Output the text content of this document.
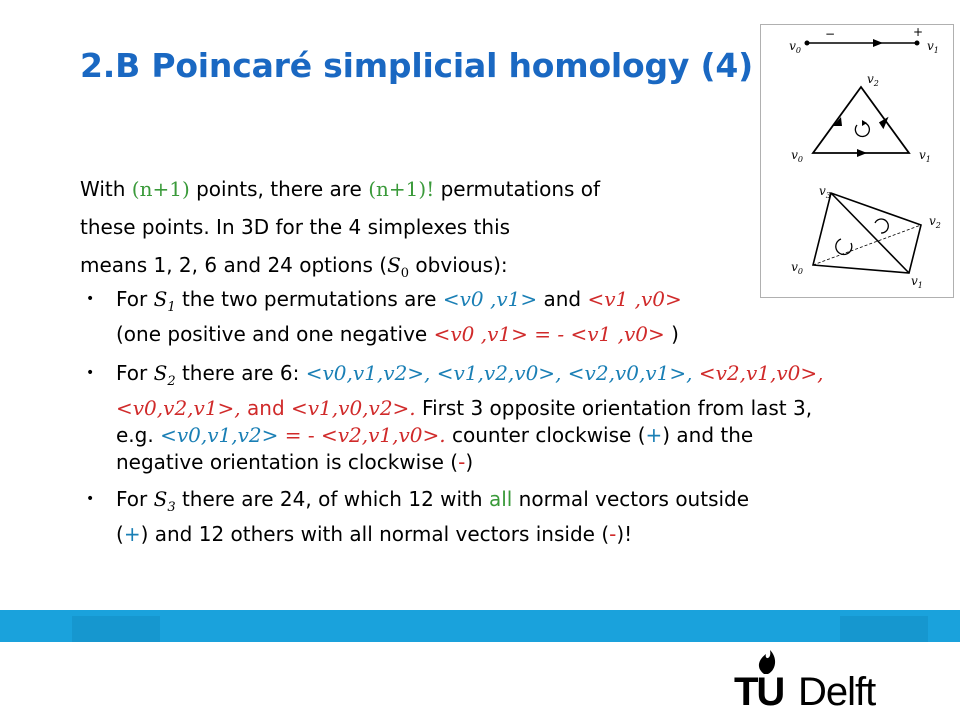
2.B Poincaré simplicial homology (4)
−	+
$v_0$	$v_1$
$v_0$	$v_1$
$v_2$
$v_0$
$v_1$
$v_2$
$v_3$
With (n+1) points, there are (n+1)! permutations of
these points. In 3D for the 4 simplexes this
means 1, 2, 6 and 24 options ($S_0$ obvious):
• For $S_1$ the two permutations are <v0 ,v1> and <v1 ,v0>
(one positive and one negative <v0 ,v1> = - <v1 ,v0> )
• For $S_2$ there are 6: <v0,v1,v2>, <v1,v2,v0>, <v2,v0,v1>, <v2,v1,v0>,
<v0,v2,v1>, and <v1,v0,v2>. First 3 opposite orientation from last 3,
e.g. <v0,v1,v2> = - <v2,v1,v0>. counter clockwise (+) and the
negative orientation is clockwise (-)
• For $S_3$ there are 24, of which 12 with all normal vectors outside
(+) and 12 others with all normal vectors inside (-)!
TU Delft
